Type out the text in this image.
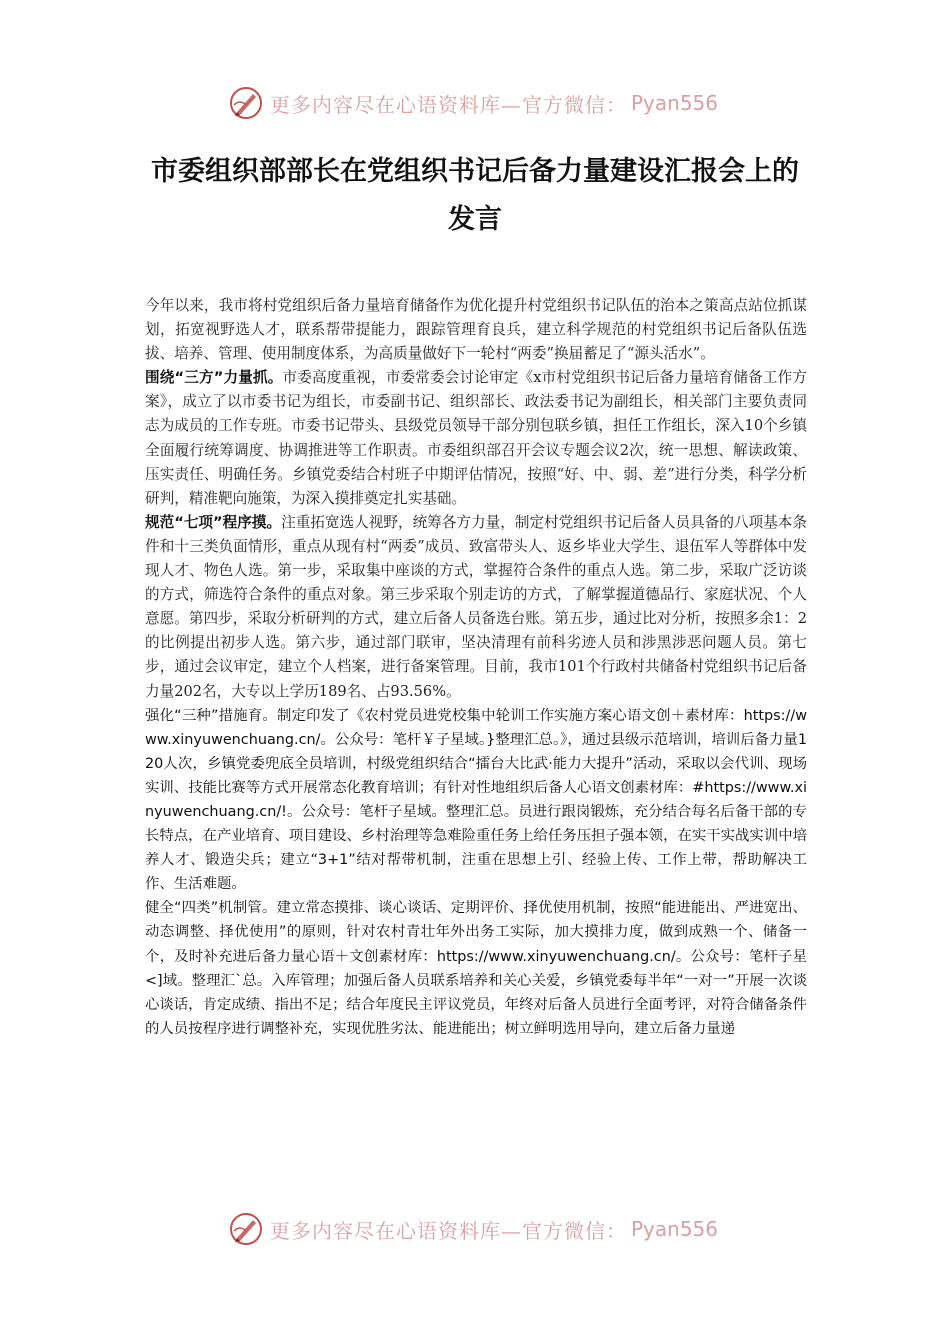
更多内容尽在心语资料库—官方微信： Pyan556
市委组织部部长在党组织书记后备力量建设汇报会上的发言

今年以来，我市将村党组织后备力量培育储备作为优化提升村党组织书记队伍的治本之策高点站位抓谋划，拓宽视野选人才，联系帮带提能力，跟踪管理育良兵，建立科学规范的村党组织书记后备队伍选拔、培养、管理、使用制度体系，为高质量做好下一轮村“两委”换届蓄足了“源头活水”。

围绕“三方”力量抓。市委高度重视，市委常委会讨论审定《x市村党组织书记后备力量培育储备工作方案》，成立了以市委书记为组长，市委副书记、组织部长、政法委书记为副组长，相关部门主要负责同志为成员的工作专班。市委书记带头、县级党员领导干部分别包联乡镇，担任工作组长，深入10个乡镇全面履行统筹调度、协调推进等工作职责。市委组织部召开会议专题会议2次，统一思想、解读政策、压实责任、明确任务。乡镇党委结合村班子中期评估情况，按照“好、中、弱、差”进行分类，科学分析研判，精准靶向施策，为深入摸排奠定扎实基础。

规范“七项”程序摸。注重拓宽选人视野，统筹各方力量，制定村党组织书记后备人员具备的八项基本条件和十三类负面情形，重点从现有村“两委”成员、致富带头人、返乡毕业大学生、退伍军人等群体中发现人才、物色人选。第一步，采取集中座谈的方式，掌握符合条件的重点人选。第二步，采取广泛访谈的方式，筛选符合条件的重点对象。第三步采取个别走访的方式，了解掌握道德品行、家庭状况、个人意愿。第四步，采取分析研判的方式，建立后备人员备选台账。第五步，通过比对分析，按照多余1：2的比例提出初步人选。第六步，通过部门联审，坚决清理有前科劣迹人员和涉黑涉恶问题人员。第七步，通过会议审定，建立个人档案，进行备案管理。目前，我市101个行政村共储备村党组织书记后备力量202名，大专以上学历189名、占93.56%。

强化“三种”措施育。制定印发了《农村党员进党校集中轮训工作实施方案心语文创＋素材库：https://www.xinyuwenchuang.cn/。公众号：笔杆￥子星域。}整理汇总。》，通过县级示范培训，培训后备力量120人次，乡镇党委兜底全员培训，村级党组织结合“擂台大比武·能力大提升”活动，采取以会代训、现场实训、技能比赛等方式开展常态化教育培训；有针对性地组织后备人心语文创素材库：#https://www.xinyuwenchuang.cn/!。公众号：笔杆子星域。整理汇总。员进行跟岗锻炼，充分结合每名后备干部的专长特点，在产业培育、项目建设、乡村治理等急难险重任务上给任务压担子强本领，在实干实战实训中培养人才、锻造尖兵；建立“3+1”结对帮带机制，注重在思想上引、经验上传、工作上带，帮助解决工作、生活难题。

健全“四类”机制管。建立常态摸排、谈心谈话、定期评价、择优使用机制，按照“能进能出、严进宽出、动态调整、择优使用”的原则，针对农村青壮年外出务工实际，加大摸排力度，做到成熟一个、储备一个，及时补充进后备力量心语＋文创素材库：https://www.xinyuwenchuang.cn/。公众号：笔杆子星<]域。整理汇`总。入库管理；加强后备人员联系培养和关心关爱，乡镇党委每半年“一对一”开展一次谈心谈话，肯定成绩、指出不足；结合年度民主评议党员，年终对后备人员进行全面考评，对符合储备条件的人员按程序进行调整补充，实现优胜劣汰、能进能出；树立鲜明选用导向，建立后备力量递

更多内容尽在心语资料库—官方微信： Pyan556
